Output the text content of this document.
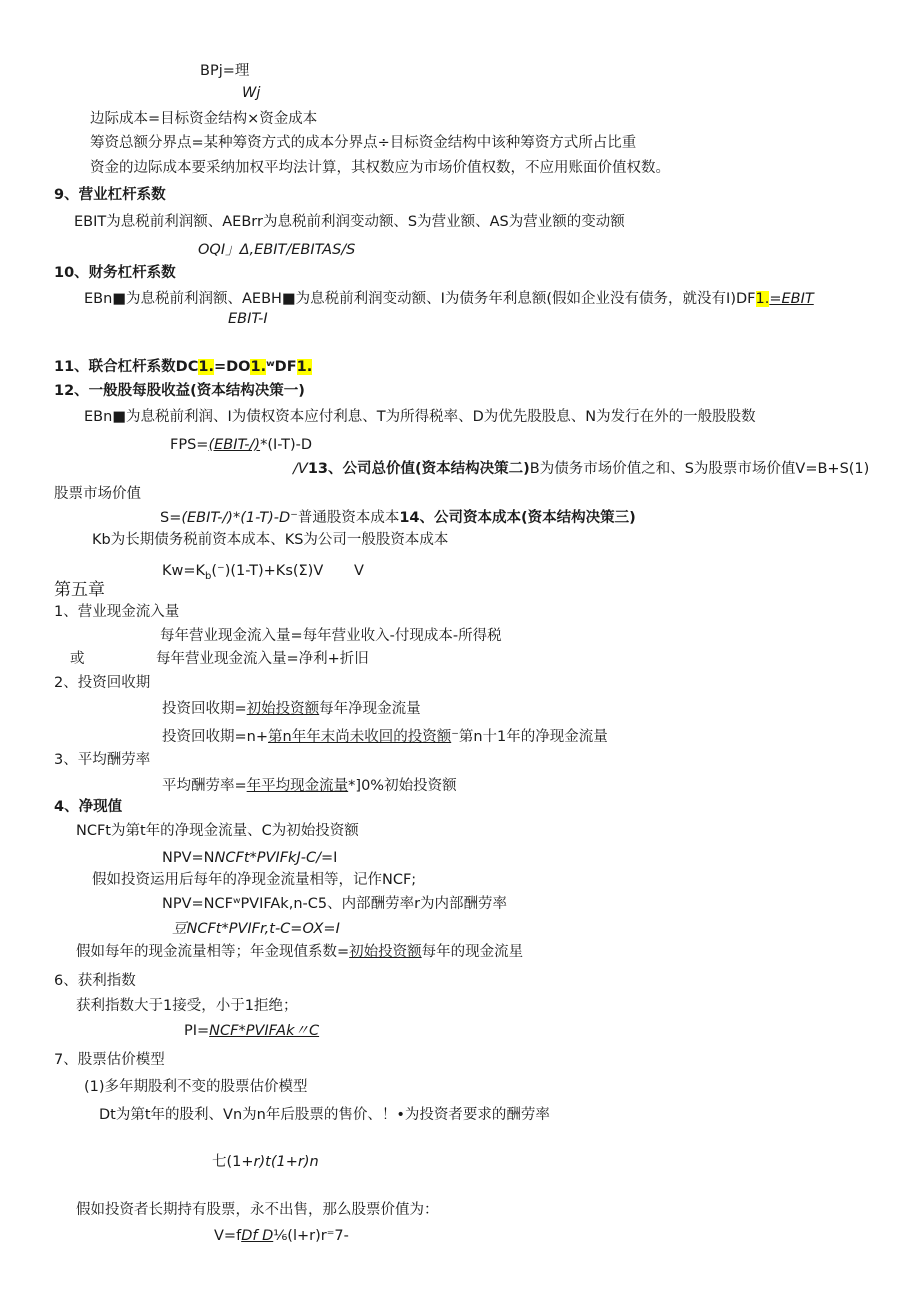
BPj=理
Wj
边际成本=目标资金结构×资金成本
筹资总额分界点=某种筹资方式的成本分界点÷目标资金结构中该种筹资方式所占比重
资金的边际成本要采纳加权平均法计算，其权数应为市场价值权数，不应用账面价值权数。
9、营业杠杆系数
EBIT为息税前利润额、AEBrr为息税前利润变动额、S为营业额、AS为营业额的变动额
OQI」Δ,EBIT/EBITAS/S
10、财务杠杆系数
EBn■为息税前利润额、AEBH■为息税前利润变动额、I为债务年利息额(假如企业没有债务，就没有I)DF1.=EBIT
EBIT-I
11、联合杠杆系数DC1.=DO1.ʷDF1.
12、一般股每股收益(资本结构决策一)
EBn■为息税前利润、I为债权资本应付利息、T为所得税率、D为优先股股息、N为发行在外的一般股股数
FPS=(EBIT-/)*(I-T)-D
/V13、公司总价值(资本结构决策二)B为债务市场价值之和、S为股票市场价值V=B+S(1)
股票市场价值
S=(EBIT-/)*(1-T)-D⁻普通股资本成本14、公司资本成本(资本结构决策三)
Kb为长期债务税前资本成本、KS为公司一般股资本成本
$Kw=K_b(^-)(1-T)+Ks(\Sigma)V$ V
第五章
1、营业现金流入量
每年营业现金流入量=每年营业收入-付现成本-所得税
或	每年营业现金流入量=净利+折旧
2、投资回收期
投资回收期=初始投资额每年净现金流量
投资回收期=n+第n年年末尚未收回的投资额⁻第n十1年的净现金流量
3、平均酬劳率
平均酬劳率=年平均现金流量*]0%初始投资额
4、净现值
NCFt为第t年的净现金流量、C为初始投资额
NPV=NNCFt*PVIFkJ-C/=I
假如投资运用后每年的净现金流量相等，记作NCF;
NPV=NCFʷPVIFAk,n-C5、内部酬劳率r为内部酬劳率
豆NCFt*PVIFr,t-C=OX=I
假如每年的现金流量相等；年金现值系数=初始投资额每年的现金流星
6、获利指数
获利指数大于1接受，小于1拒绝；
PI=NCF*PVIFAk〃C
7、股票估价模型
(1)多年期股利不变的股票估价模型
Dt为第t年的股利、Vn为n年后股票的售价、！•为投资者要求的酬劳率
七(1+r)t(1+r)n
假如投资者长期持有股票，永不出售，那么股票价值为：
V=fDf D⅙(l+r)r⁼7-
